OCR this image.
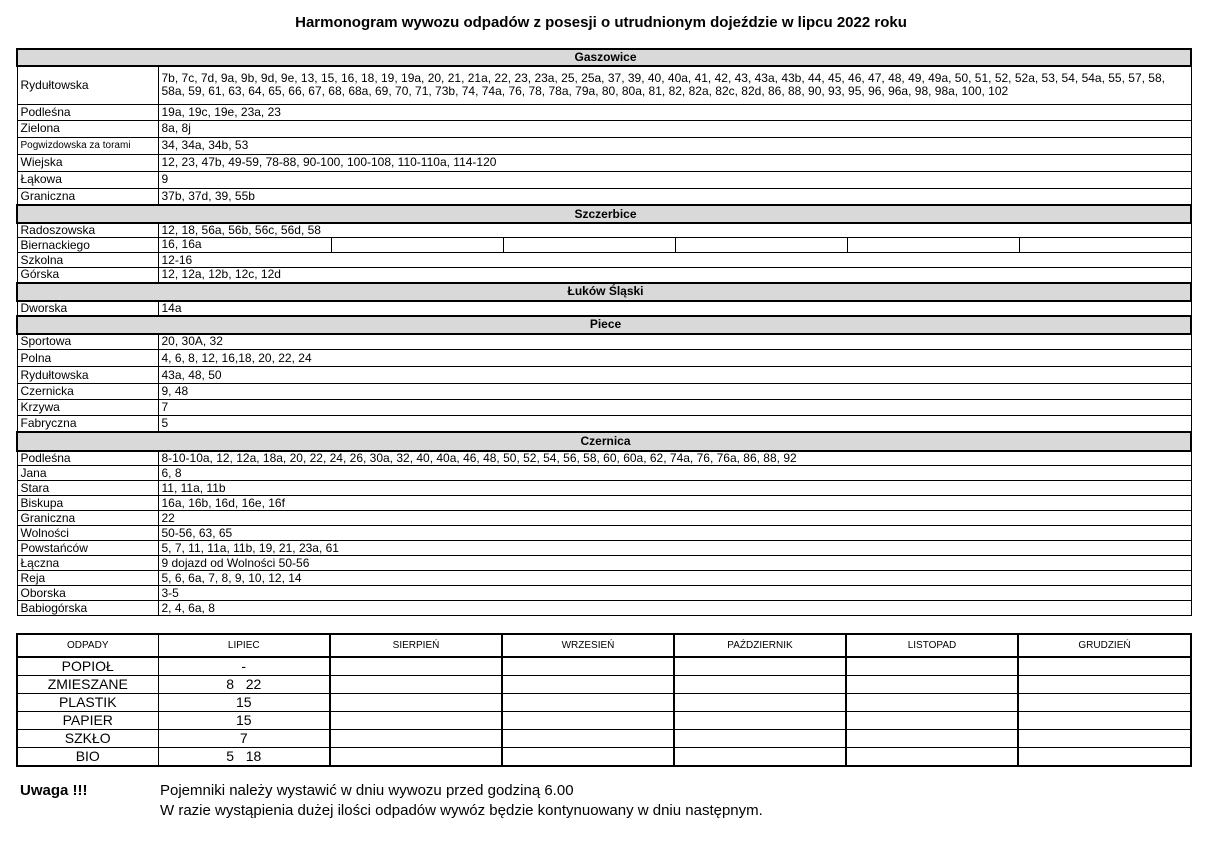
Harmonogram wywozu odpadów z posesji o utrudnionym dojeździe w lipcu 2022 roku
Gaszowice	
Rydułtowska	7b, 7c, 7d, 9a, 9b, 9d, 9e, 13, 15, 16, 18, 19, 19a, 20, 21, 21a, 22, 23, 23a, 25, 25a, 37, 39, 40, 40a, 41, 42, 43, 43a, 43b, 44, 45, 46, 47, 48, 49, 49a, 50, 51, 52, 52a, 53, 54, 54a, 55, 57, 58, 58a, 59, 61, 63, 64, 65, 66, 67, 68, 68a, 69, 70, 71, 73b, 74, 74a, 76, 78, 78a, 79a, 80, 80a, 81, 82, 82a, 82c, 82d, 86, 88, 90, 93, 95, 96, 96a, 98, 98a, 100, 102
Podleśna	19a, 19c, 19e, 23a, 23
Zielona	8a, 8j
Pogwizdowska za torami	34, 34a, 34b, 53
Wiejska	12, 23, 47b, 49-59, 78-88, 90-100, 100-108, 110-110a, 114-120
Łąkowa	9
Graniczna	37b, 37d, 39, 55b
Szczerbice	
Radoszowska	12, 18, 56a, 56b, 56c, 56d, 58
Biernackiego	16, 16a

Szkolna	12-16
Górska	12, 12a, 12b, 12c, 12d
Łuków Śląski	
Dworska	14a
Piece	
Sportowa	20, 30A, 32
Polna	4, 6, 8, 12, 16,18, 20, 22, 24
Rydułtowska	43a, 48, 50
Czernicka	9, 48
Krzywa	7
Fabryczna	5
Czernica	
Podleśna	8-10-10a, 12, 12a, 18a, 20, 22, 24, 26, 30a, 32, 40, 40a, 46, 48, 50, 52, 54, 56, 58, 60, 60a, 62, 74a, 76, 76a, 86, 88, 92
Jana	6, 8
Stara	11, 11a, 11b
Biskupa	16a, 16b, 16d, 16e, 16f
Graniczna	22
Wolności	50-56, 63, 65
Powstańców	5, 7, 11, 11a, 11b, 19, 21, 23a, 61
Łączna	9 dojazd od Wolności 50-56
Reja	5, 6, 6a, 7, 8, 9, 10, 12, 14
Oborska	3-5
Babiogórska	2, 4, 6a, 8
ODPADY	LIPIEC	SIERPIEŃ	WRZESIEŃ	PAŹDZIERNIK	LISTOPAD	GRUDZIEŃ
POPIOŁ	-					
ZMIESZANE	8   22					
PLASTIK	15					
PAPIER	15					
SZKŁO	7					
BIO	5   18					
Uwaga !!!	Pojemniki należy wystawić w dniu wywozu przed godziną 6.00
W razie wystąpienia dużej ilości odpadów wywóz będzie kontynuowany w dniu następnym.
